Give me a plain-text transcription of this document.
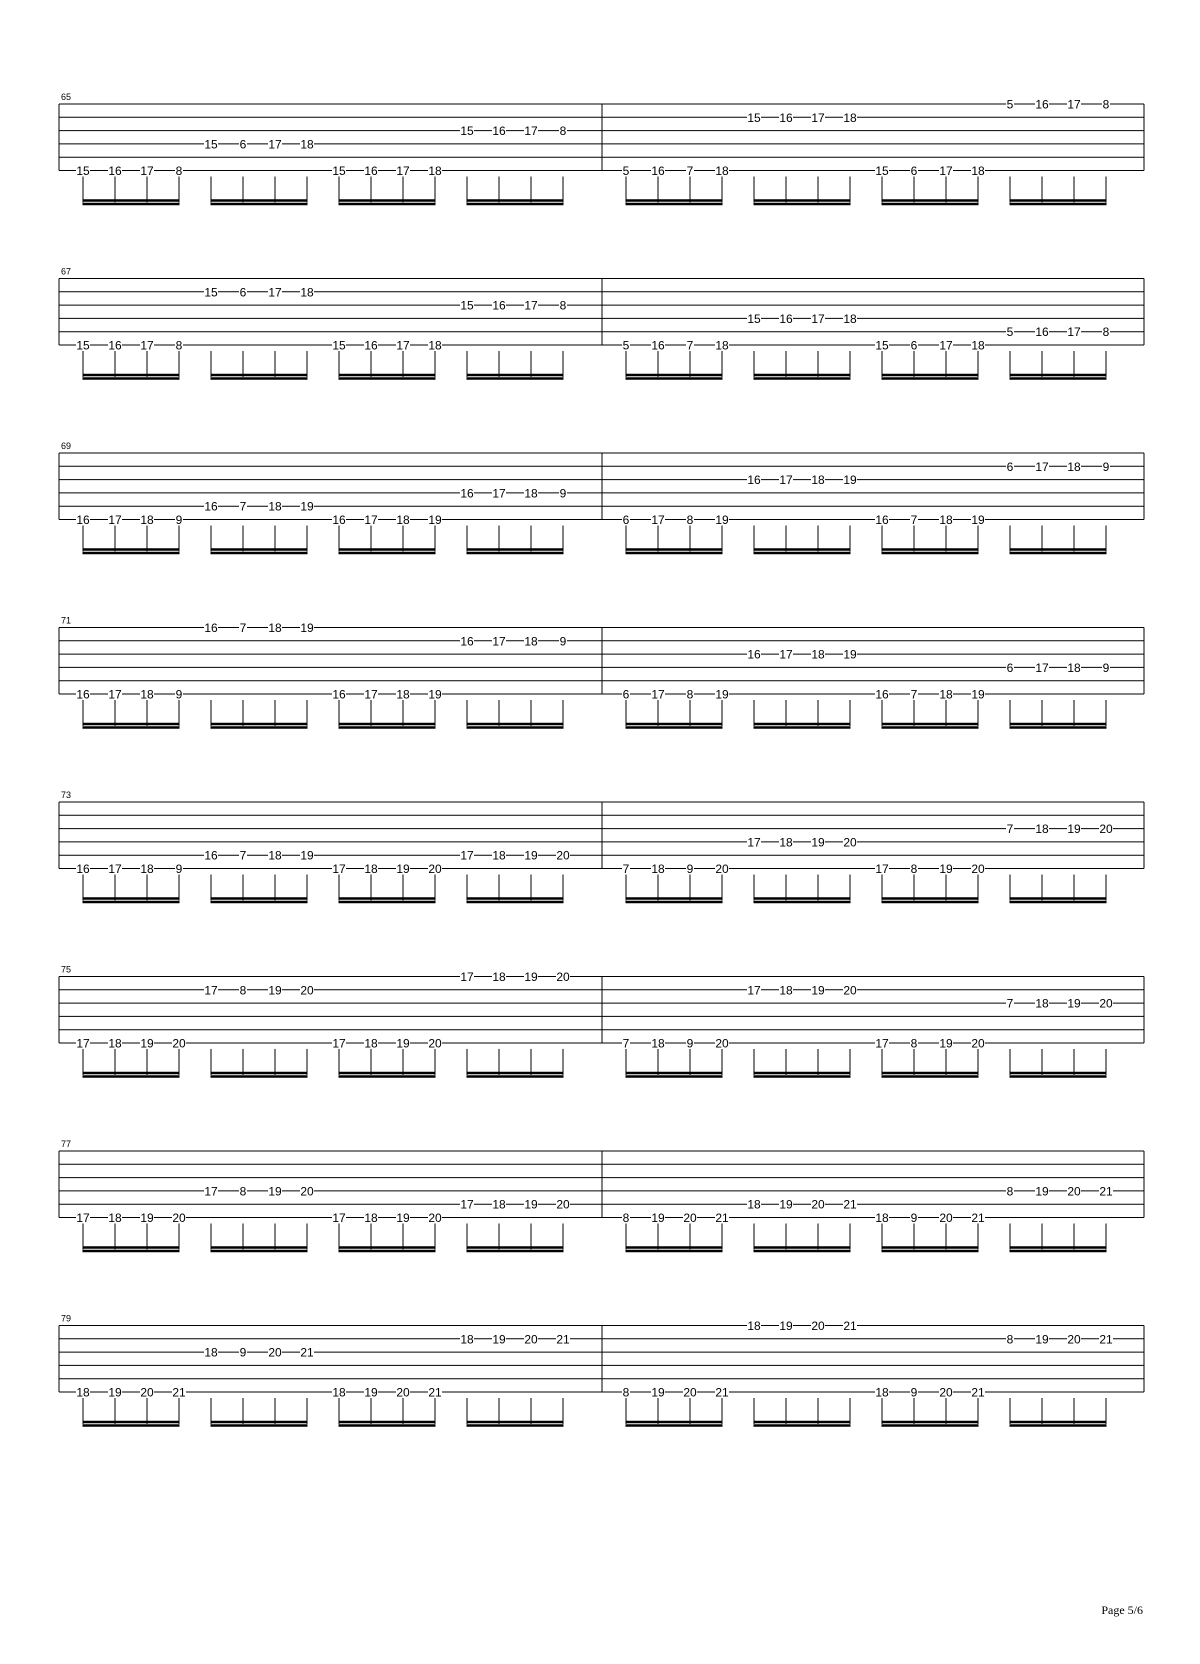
65
15 16 17 8
15 6 17 18
15 16 17 18
15 16 17 8
5 16 7 18
15 16 17 18
15 6 17 18
5 16 17 8
67
15 16 17 8
15 6 17 18
15 16 17 18
15 16 17 8
5 16 7 18
15 16 17 18
15 6 17 18
5 16 17 8
69
16 17 18 9
16 7 18 19
16 17 18 19
16 17 18 9
6 17 8 19
16 17 18 19
16 7 18 19
6 17 18 9
71
16 17 18 9
16 7 18 19
16 17 18 19
16 17 18 9
6 17 8 19
16 17 18 19
16 7 18 19
6 17 18 9
73
16 17 18 9
16 7 18 19
17 18 19 20
17 18 19 20
7 18 9 20
17 18 19 20
17 8 19 20
7 18 19 20
75
17 18 19 20
17 8 19 20
17 18 19 20
17 18 19 20
7 18 9 20
17 18 19 20
17 8 19 20
7 18 19 20
77
17 18 19 20
17 8 19 20
17 18 19 20
17 18 19 20
8 19 20 21
18 19 20 21
18 9 20 21
8 19 20 21
79
18 19 20 21
18 9 20 21
18 19 20 21
18 19 20 21
8 19 20 21
18 19 20 21
18 9 20 21
8 19 20 21
Page 5/6
